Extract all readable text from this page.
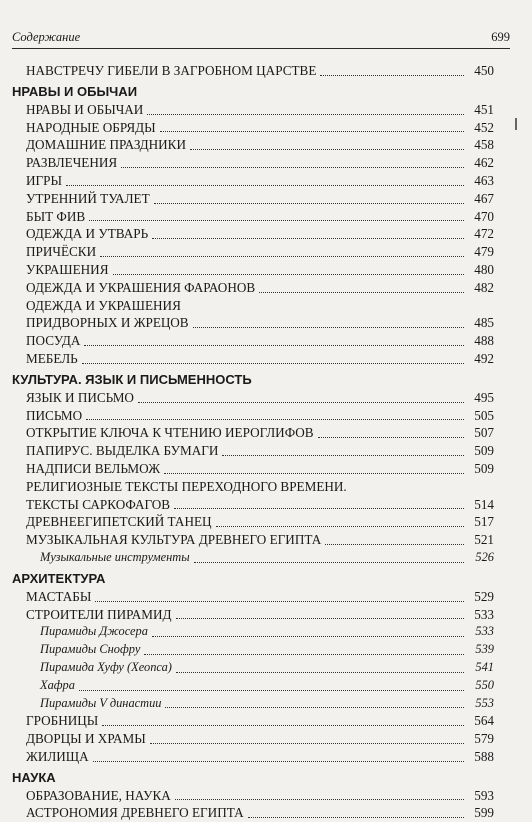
Содержание	699
НАВСТРЕЧУ ГИБЕЛИ В ЗАГРОБНОМ ЦАРСТВЕ	450
НРАВЫ И ОБЫЧАИ
НРАВЫ И ОБЫЧАИ	451
НАРОДНЫЕ ОБРЯДЫ	452
ДОМАШНИЕ ПРАЗДНИКИ	458
РАЗВЛЕЧЕНИЯ	462
ИГРЫ	463
УТРЕННИЙ ТУАЛЕТ	467
БЫТ ФИВ	470
ОДЕЖДА И УТВАРЬ	472
ПРИЧЁСКИ	479
УКРАШЕНИЯ	480
ОДЕЖДА И УКРАШЕНИЯ ФАРАОНОВ	482
ОДЕЖДА И УКРАШЕНИЯ
ПРИДВОРНЫХ И ЖРЕЦОВ	485
ПОСУДА	488
МЕБЕЛЬ	492
КУЛЬТУРА. ЯЗЫК И ПИСЬМЕННОСТЬ
ЯЗЫК И ПИСЬМО	495
ПИСЬМО	505
ОТКРЫТИЕ КЛЮЧА К ЧТЕНИЮ ИЕРОГЛИФОВ	507
ПАПИРУС. ВЫДЕЛКА БУМАГИ	509
НАДПИСИ ВЕЛЬМОЖ	509
РЕЛИГИОЗНЫЕ ТЕКСТЫ ПЕРЕХОДНОГО ВРЕМЕНИ.
ТЕКСТЫ САРКОФАГОВ	514
ДРЕВНЕЕГИПЕТСКИЙ ТАНЕЦ	517
МУЗЫКАЛЬНАЯ КУЛЬТУРА ДРЕВНЕГО ЕГИПТА	521
Музыкальные инструменты	526
АРХИТЕКТУРА
МАСТАБЫ	529
СТРОИТЕЛИ ПИРАМИД	533
Пирамиды Джосера	533
Пирамиды Снофру	539
Пирамида Хуфу (Хеопса)	541
Хафра	550
Пирамиды V династии	553
ГРОБНИЦЫ	564
ДВОРЦЫ И ХРАМЫ	579
ЖИЛИЩА	588
НАУКА
ОБРАЗОВАНИЕ, НАУКА	593
АСТРОНОМИЯ ДРЕВНЕГО ЕГИПТА	599
